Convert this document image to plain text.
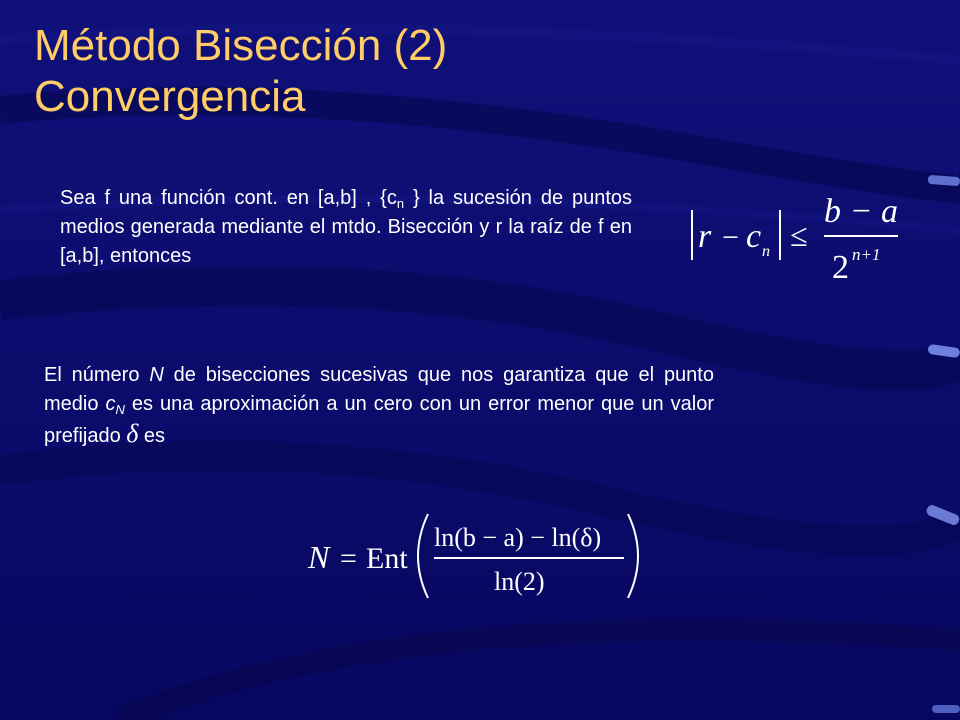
Método Bisección (2)
Convergencia
Sea f una función cont. en [a,b] , {$c_n$ } la sucesión de puntos medios generada mediante el mtdo. Bisección y r la raíz de f en [a,b], entonces
r − c n ≤
b − a
2 n+1
El número N de bisecciones sucesivas que nos garantiza que el punto medio $c_N$ es una aproximación a un cero con un error menor que un valor prefijado δ es
N = Ent
ln(b − a) − ln(δ)
ln(2)
